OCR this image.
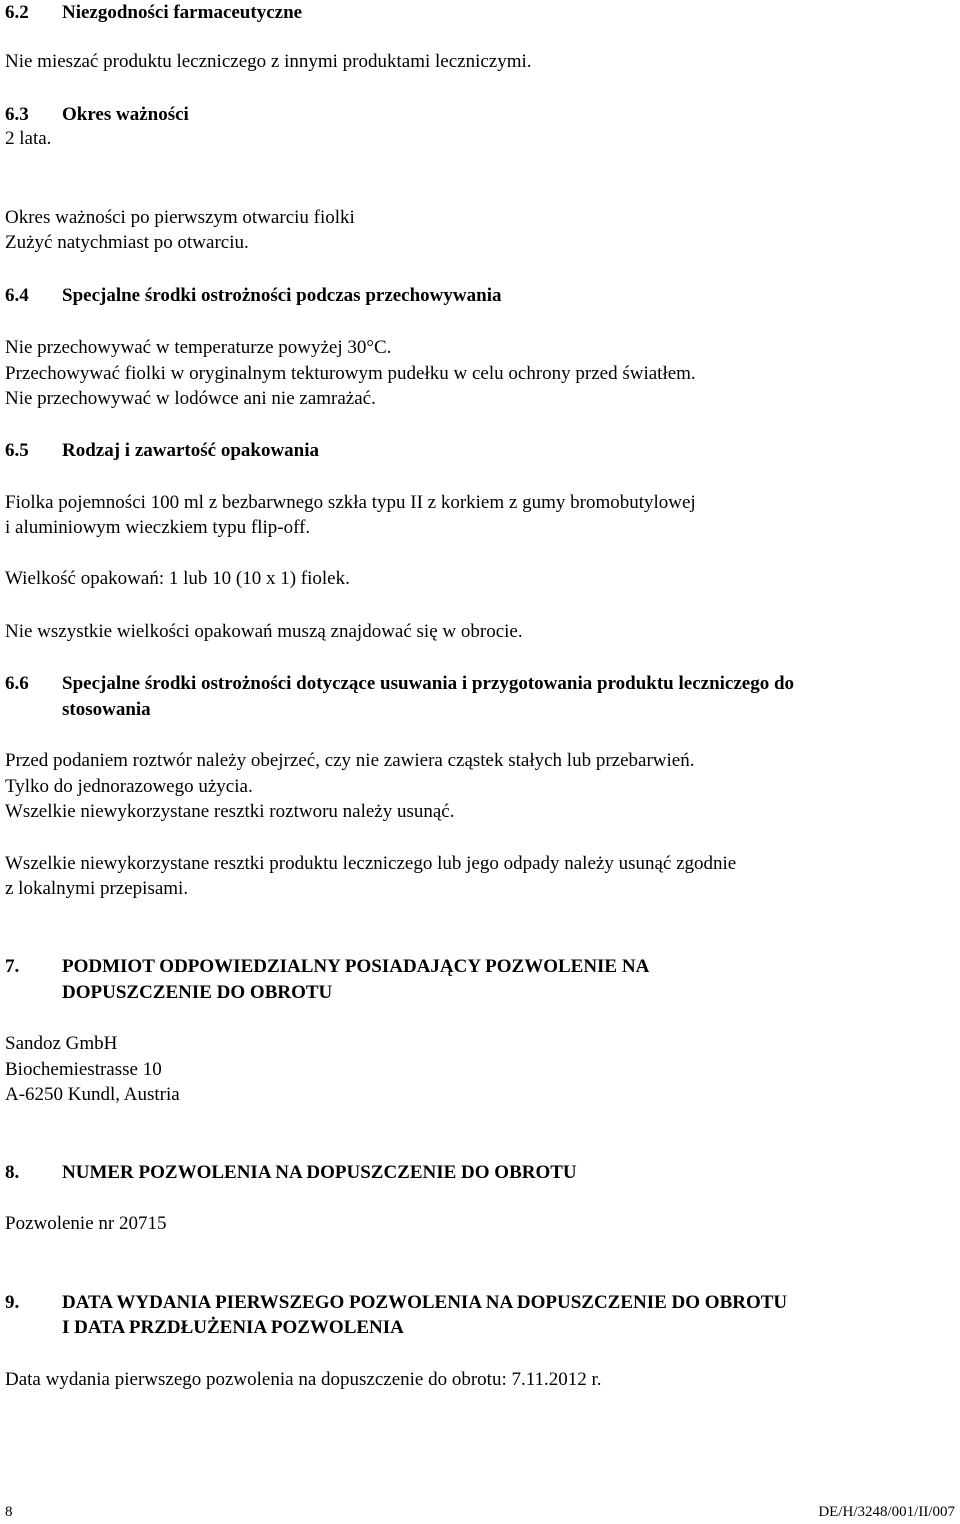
6.2 Niezgodności farmaceutyczne
Nie mieszać produktu leczniczego z innymi produktami leczniczymi.
6.3 Okres ważności
2 lata.
Okres ważności po pierwszym otwarciu fiolki
Zużyć natychmiast po otwarciu.
6.4 Specjalne środki ostrożności podczas przechowywania
Nie przechowywać w temperaturze powyżej 30°C.
Przechowywać fiolki w oryginalnym tekturowym pudełku w celu ochrony przed światłem.
Nie przechowywać w lodówce ani nie zamrażać.
6.5 Rodzaj i zawartość opakowania
Fiolka pojemności 100 ml z bezbarwnego szkła typu II z korkiem z gumy bromobutylowej
i aluminiowym wieczkiem typu flip-off.
Wielkość opakowań: 1 lub 10 (10 x 1) fiolek.
Nie wszystkie wielkości opakowań muszą znajdować się w obrocie.
6.6 Specjalne środki ostrożności dotyczące usuwania i przygotowania produktu leczniczego do
stosowania
Przed podaniem roztwór należy obejrzeć, czy nie zawiera cząstek stałych lub przebarwień.
Tylko do jednorazowego użycia.
Wszelkie niewykorzystane resztki roztworu należy usunąć.
Wszelkie niewykorzystane resztki produktu leczniczego lub jego odpady należy usunąć zgodnie
z lokalnymi przepisami.
7. PODMIOT ODPOWIEDZIALNY POSIADAJĄCY POZWOLENIE NA
DOPUSZCZENIE DO OBROTU
Sandoz GmbH
Biochemiestrasse 10
A-6250 Kundl, Austria
8. NUMER POZWOLENIA NA DOPUSZCZENIE DO OBROTU
Pozwolenie nr 20715
9. DATA WYDANIA PIERWSZEGO POZWOLENIA NA DOPUSZCZENIE DO OBROTU
I DATA PRZDŁUŻENIA POZWOLENIA
Data wydania pierwszego pozwolenia na dopuszczenie do obrotu: 7.11.2012 r.
8	DE/H/3248/001/II/007
